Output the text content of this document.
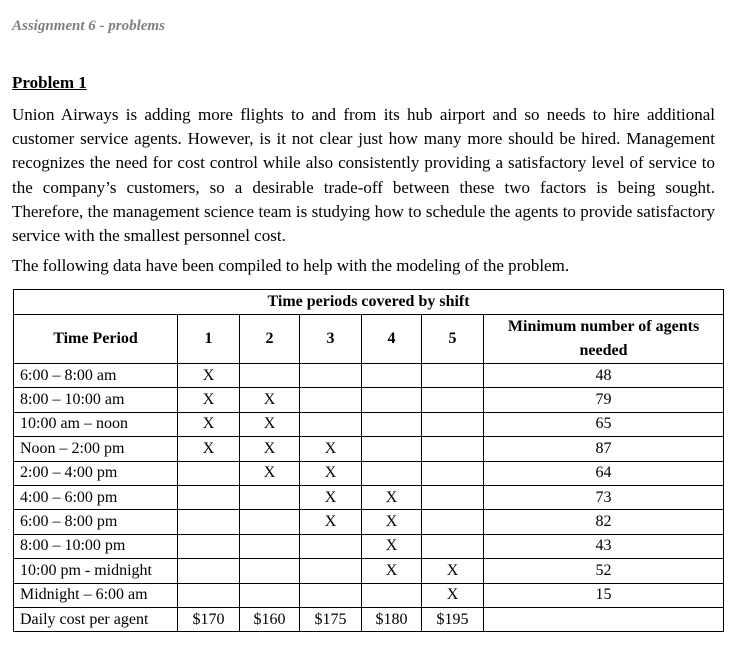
Assignment 6 - problems
Problem 1

Union Airways is adding more flights to and from its hub airport and so needs to hire additional customer service agents. However, is it not clear just how many more should be hired. Management recognizes the need for cost control while also consistently providing a satisfactory level of service to the company’s customers, so a desirable trade-off between these two factors is being sought. Therefore, the management science team is studying how to schedule the agents to provide satisfactory service with the smallest personnel cost.

The following data have been compiled to help with the modeling of the problem.

Time periods covered by shift						
Time Period	1	2	3	4	5	Minimum number of agents needed
6:00 – 8:00 am	X					48
8:00 – 10:00 am	X	X				79
10:00 am – noon	X	X				65
Noon – 2:00 pm	X	X	X			87
2:00 – 4:00 pm		X	X			64
4:00 – 6:00 pm			X	X		73
6:00 – 8:00 pm			X	X		82
8:00 – 10:00 pm				X		43
10:00 pm - midnight				X	X	52
Midnight – 6:00 am					X	15
Daily cost per agent	$170	$160	$175	$180	$195	
